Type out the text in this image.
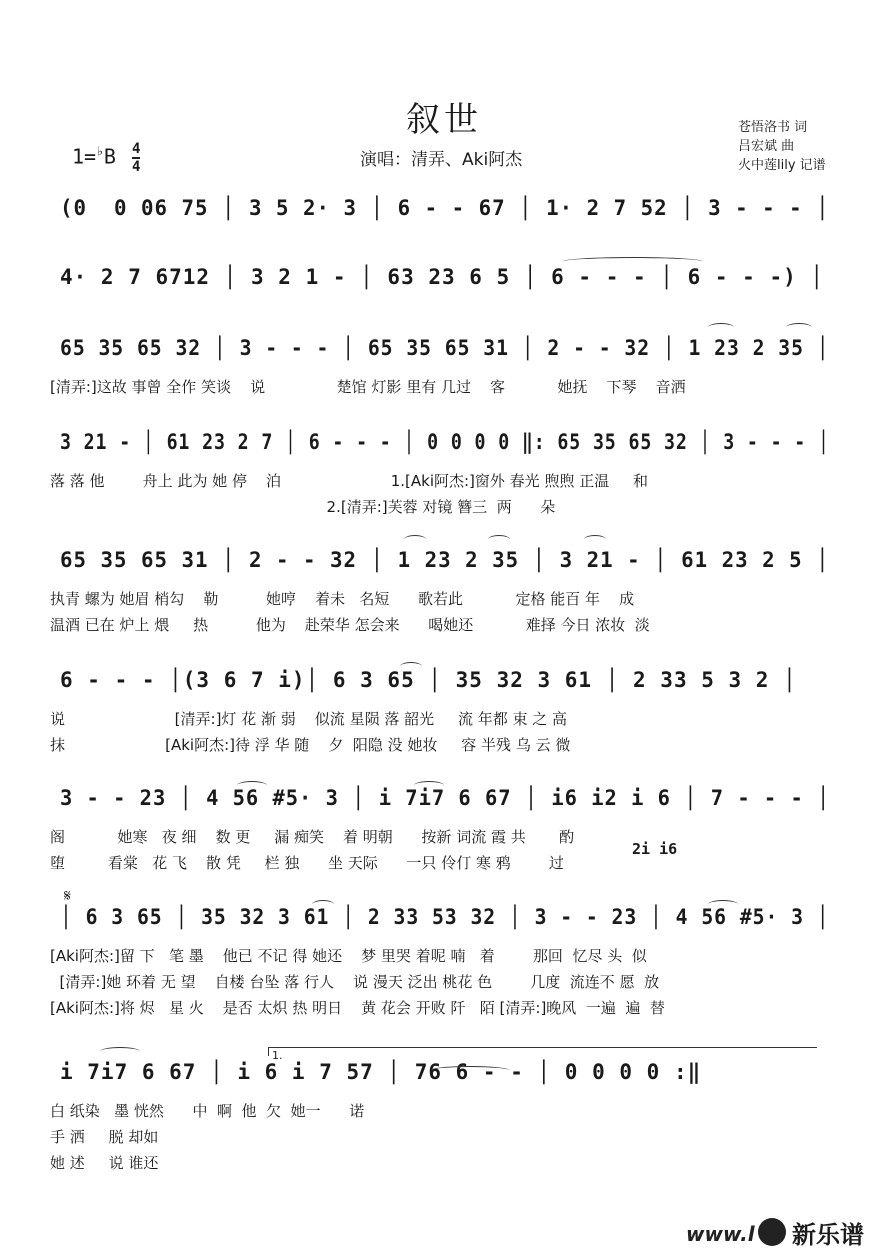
叙世
$1=^♭B \frac{4}{4}$	演唱：清弄、Aki阿杰
苍悟洛书 词
吕宏斌 曲
火中莲lily 记谱
(0  0 06 75 │ 3 5 2· 3 │ 6 - - 67 │ 1· 2 7 52 │ 3 - - - │
4· 2 7 6712 │ 3 2 1 - │ 63 23 6 5 │ 6 - - - │ 6 - - -) │
65 35 65 32 │ 3 - - - │ 65 35 65 31 │ 2 - - 32 │ 1 23 2 35 │
[清弄:]这故 事曾 全作 笑谈    说               楚馆 灯影 里有 几过    客           她抚    下琴    音洒
3 21 - │ 61 23 2 7 │ 6 - - - │ 0 0 0 0 ‖: 65 35 65 32 │ 3 - - - │
落 落 他        舟上 此为 她 停    泊                       1.[Aki阿杰:]窗外 春光 煦煦 正温     和
2.[清弄:]芙蓉 对镜 簪三  两      朵
65 35 65 31 │ 2 - - 32 │ 1 23 2 35 │ 3 21 - │ 61 23 2 5 │
执青 螺为 她眉 梢勾    勒          她哼    着未   名短      歌若此           定格 能百 年    成
温酒 已在 炉上 煨     热          他为    赴荣华 怎会来      喝她还           难择 今日 浓妆  淡
6 - - - │(3 6 7 i)│ 6 3 65 │ 35 32 3 61 │ 2 33 5 3 2 │
说                       [清弄:]灯 花 渐 弱    似流 星陨 落 韶光     流 年都 束 之 高
抹                     [Aki阿杰:]待 浮 华 随    夕  阳隐 没 她妆     容 半残 乌 云 微
3 - - 23 │ 4 56 #5· 3 │ i 7i7 6 67 │ i6 i2 i 6 │ 7 - - - │
阁           她寒   夜 细    数 更     漏 痴笑    着 明朝      按新 词流 霞 共       酌
堕         看棠   花 飞    散 凭     栏 独      坐 天际      一只 伶仃 寒 鸦        过
│ 6 3 65 │ 35 32 3 61 │ 2 33 53 32 │ 3 - - 23 │ 4 56 #5· 3 │
[Aki阿杰:]留 下   笔 墨    他已 不记 得 她还    梦 里哭 着呢 喃   着        那回  忆尽 头  似
[清弄:]她 环着 无 望    自楼 台坠 落 行人    说 漫天 泛出 桃花 色        几度  流连不 愿  放
[Aki阿杰:]将 烬   星 火    是否 太炽 热 明日    黄 花会 开败 阡   陌 [清弄:]晚风  一遍  遍  替
i 7i7 6 67 │ i 6 i 7 57 │ 76 6 - - │ 0 0 0 0 :‖
白 纸染   墨 恍然      中  啊  他  欠  她一      诺
手 洒     脱 却如
她 述     说 谁还
2i i6
𝄋
1.
www.l 新乐谱
